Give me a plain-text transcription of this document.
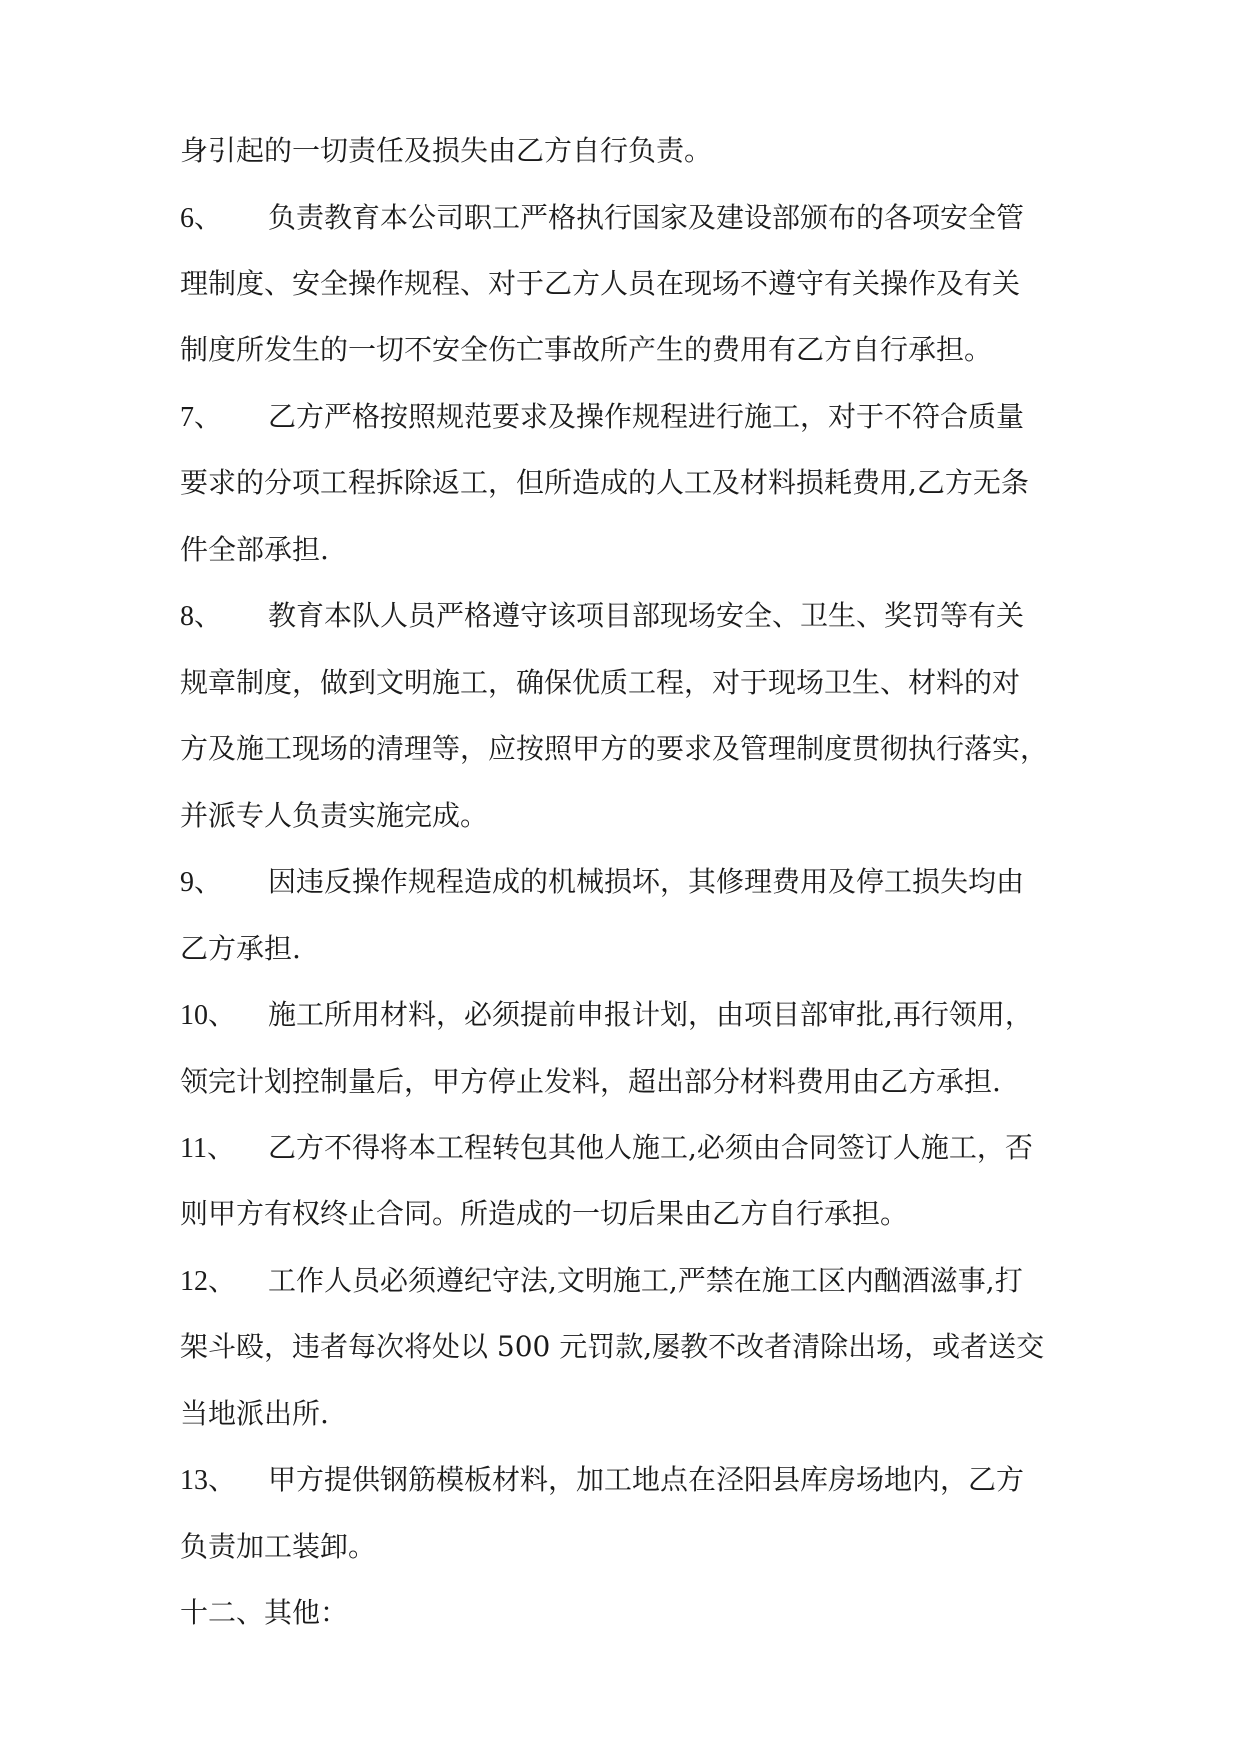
身引起的一切责任及损失由乙方自行负责。
6、 负责教育本公司职工严格执行国家及建设部颁布的各项安全管
理制度、安全操作规程、对于乙方人员在现场不遵守有关操作及有关
制度所发生的一切不安全伤亡事故所产生的费用有乙方自行承担。
7、 乙方严格按照规范要求及操作规程进行施工，对于不符合质量
要求的分项工程拆除返工，但所造成的人工及材料损耗费用,乙方无条
件全部承担.
8、 教育本队人员严格遵守该项目部现场安全、卫生、奖罚等有关
规章制度，做到文明施工，确保优质工程，对于现场卫生、材料的对
方及施工现场的清理等，应按照甲方的要求及管理制度贯彻执行落实，
并派专人负责实施完成。
9、 因违反操作规程造成的机械损坏，其修理费用及停工损失均由
乙方承担.
10、 施工所用材料，必须提前申报计划，由项目部审批,再行领用，
领完计划控制量后，甲方停止发料，超出部分材料费用由乙方承担.
11、 乙方不得将本工程转包其他人施工,必须由合同签订人施工，否
则甲方有权终止合同。所造成的一切后果由乙方自行承担。
12、 工作人员必须遵纪守法,文明施工,严禁在施工区内酗酒滋事,打
架斗殴，违者每次将处以 500 元罚款,屡教不改者清除出场，或者送交
当地派出所.
13、 甲方提供钢筋模板材料，加工地点在泾阳县库房场地内，乙方
负责加工装卸。
十二、其他：
